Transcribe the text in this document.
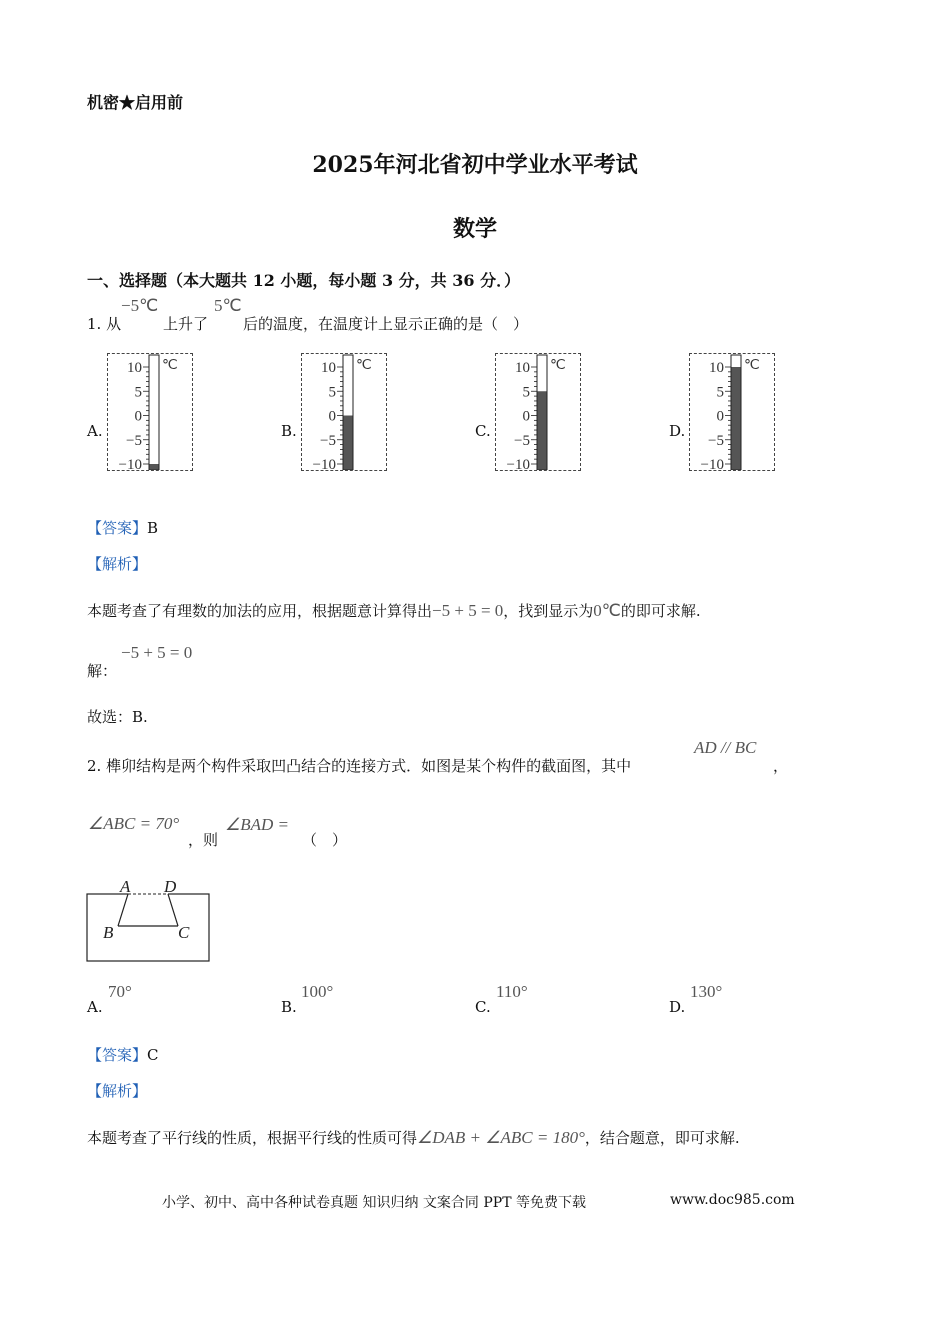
机密★启用前
2025年河北省初中学业水平考试
数学
一、选择题（本大题共 12 小题，每小题 3 分，共 36 分．）
1. 从
−5℃
上升了
5℃
后的温度，在温度计上显示正确的是（　）
A.
10
5
0
−5
−10
℃
B.
10
5
0
−5
−10
℃
C.
10
5
0
−5
−10
℃
D.
10
5
0
−5
−10
℃
【答案】B
【解析】
本题考查了有理数的加法的应用，根据题意计算得出−5 + 5 = 0，找到显示为0℃的即可求解.
解：
−5 + 5 = 0
故选：B.
2. 榫卯结构是两个构件采取凹凸结合的连接方式．如图是某个构件的截面图，其中
AD // BC
，
∠ABC = 70°
，则
∠BAD =
（　）
A D
B	C
A.
70°
B.
100°
C.
110°
D.
130°
【答案】C
【解析】
本题考查了平行线的性质，根据平行线的性质可得∠DAB + ∠ABC = 180°，结合题意，即可求解.
小学、初中、高中各种试卷真题 知识归纳 文案合同 PPT 等免费下载	www.doc985.com
